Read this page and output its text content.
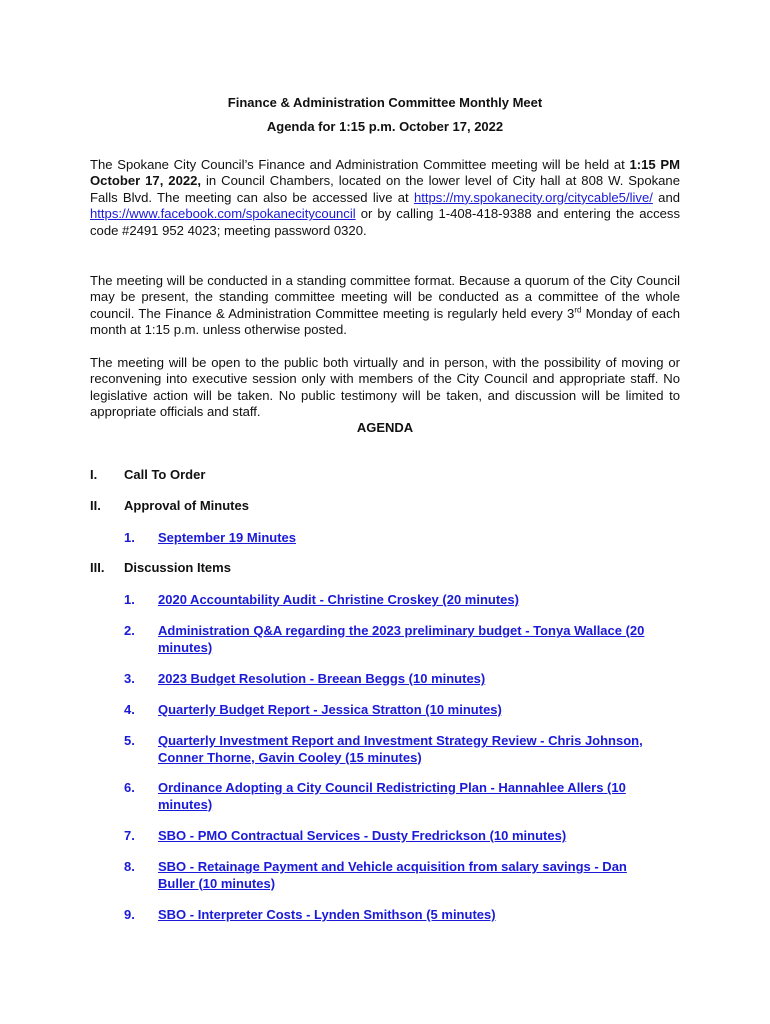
Finance & Administration Committee Monthly Meet
Agenda for 1:15 p.m. October 17, 2022
The Spokane City Council’s Finance and Administration Committee meeting will be held at 1:15 PM October 17, 2022, in Council Chambers, located on the lower level of City hall at 808 W. Spokane Falls Blvd. The meeting can also be accessed live at https://my.spokanecity.org/citycable5/live/ and https://www.facebook.com/spokanecitycouncil or by calling 1-408-418-9388 and entering the access code #2491 952 4023; meeting password 0320.
The meeting will be conducted in a standing committee format. Because a quorum of the City Council may be present, the standing committee meeting will be conducted as a committee of the whole council. The Finance & Administration Committee meeting is regularly held every 3rd Monday of each month at 1:15 p.m. unless otherwise posted.
The meeting will be open to the public both virtually and in person, with the possibility of moving or reconvening into executive session only with members of the City Council and appropriate staff. No legislative action will be taken. No public testimony will be taken, and discussion will be limited to appropriate officials and staff.
AGENDA
I. Call To Order
II. Approval of Minutes
1. September 19 Minutes
III. Discussion Items
1. 2020 Accountability Audit - Christine Croskey (20 minutes)
2. Administration Q&A regarding the 2023 preliminary budget - Tonya Wallace (20 minutes)
3. 2023 Budget Resolution - Breean Beggs (10 minutes)
4. Quarterly Budget Report - Jessica Stratton (10 minutes)
5. Quarterly Investment Report and Investment Strategy Review - Chris Johnson, Conner Thorne, Gavin Cooley (15 minutes)
6. Ordinance Adopting a City Council Redistricting Plan - Hannahlee Allers (10 minutes)
7. SBO - PMO Contractual Services - Dusty Fredrickson (10 minutes)
8. SBO - Retainage Payment and Vehicle acquisition from salary savings - Dan Buller (10 minutes)
9. SBO - Interpreter Costs - Lynden Smithson (5 minutes)
